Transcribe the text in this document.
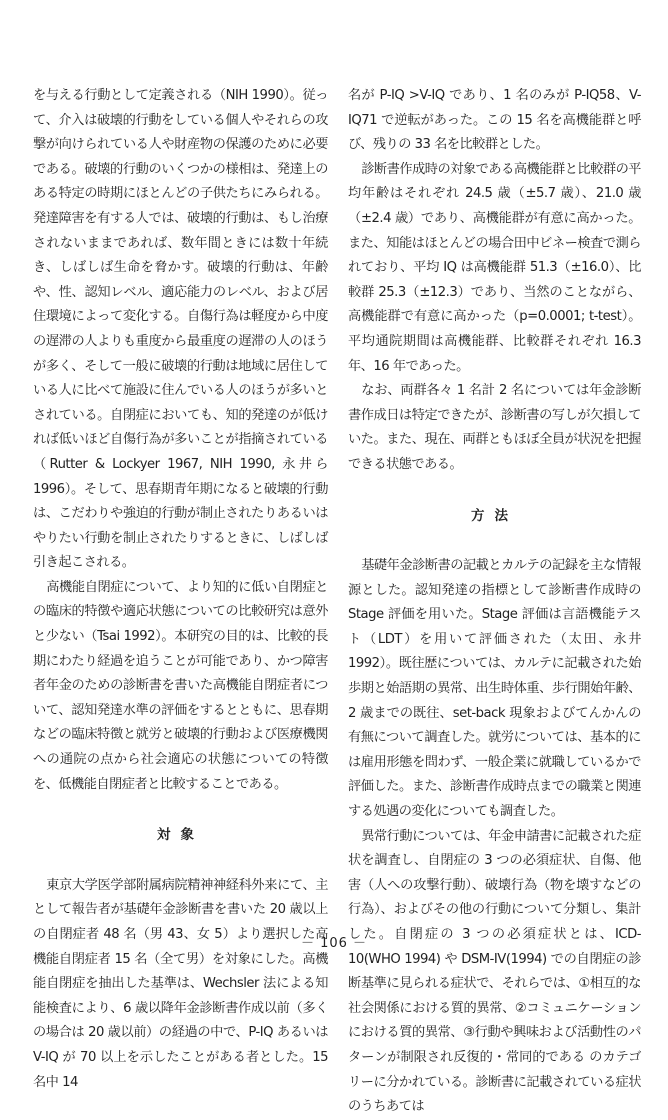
を与える行動として定義される（NIH 1990）。従って、介入は破壊的行動をしている個人やそれらの攻撃が向けられている人や財産物の保護のために必要である。破壊的行動のいくつかの様相は、発達上のある特定の時期にほとんどの子供たちにみられる。発達障害を有する人では、破壊的行動は、もし治療されないままであれば、数年間ときには数十年続き、しばしば生命を脅かす。破壊的行動は、年齢や、性、認知レベル、適応能力のレベル、および居住環境によって変化する。自傷行為は軽度から中度の遅滞の人よりも重度から最重度の遅滞の人のほうが多く、そして一般に破壊的行動は地域に居住している人に比べて施設に住んでいる人のほうが多いとされている。自閉症においても、知的発達のが低ければ低いほど自傷行為が多いことが指摘されている（Rutter & Lockyer 1967, NIH 1990, 永井ら 1996）。そして、思春期青年期になると破壊的行動は、こだわりや強迫的行動が制止されたりあるいはやりたい行動を制止されたりするときに、しばしば引き起こされる。

高機能自閉症について、より知的に低い自閉症との臨床的特徴や適応状態についての比較研究は意外と少ない（Tsai 1992）。本研究の目的は、比較的長期にわたり経過を追うことが可能であり、かつ障害者年金のための診断書を書いた高機能自閉症者について、認知発達水準の評価をするとともに、思春期などの臨床特徴と就労と破壊的行動および医療機関への通院の点から社会適応の状態についての特徴を、低機能自閉症者と比較することである。

対象

東京大学医学部附属病院精神神経科外来にて、主として報告者が基礎年金診断書を書いた 20 歳以上の自閉症者 48 名（男 43、女 5）より選択した高機能自閉症者 15 名（全て男）を対象にした。高機能自閉症を抽出した基準は、Wechsler 法による知能検査により、6 歳以降年金診断書作成以前（多くの場合は 20 歳以前）の経過の中で、P-IQ あるいは V-IQ が 70 以上を示したことがある者とした。15 名中 14

名が P-IQ >V-IQ であり、1 名のみが P-IQ58、V-IQ71 で逆転があった。この 15 名を高機能群と呼び、残りの 33 名を比較群とした。

診断書作成時の対象である高機能群と比較群の平均年齢はそれぞれ 24.5 歳（±5.7 歳）、21.0 歳（±2.4 歳）であり、高機能群が有意に高かった。また、知能はほとんどの場合田中ビネー検査で測られており、平均 IQ は高機能群 51.3（±16.0）、比較群 25.3（±12.3）であり、当然のことながら、高機能群で有意に高かった（p=0.0001; t-test）。平均通院期間は高機能群、比較群それぞれ 16.3 年、16 年であった。

なお、両群各々 1 名計 2 名については年金診断書作成日は特定できたが、診断書の写しが欠損していた。また、現在、両群ともほぼ全員が状況を把握できる状態である。

方法

基礎年金診断書の記載とカルテの記録を主な情報源とした。認知発達の指標として診断書作成時の Stage 評価を用いた。Stage 評価は言語機能テスト（LDT）を用いて評価された（太田、永井 1992）。既往歴については、カルテに記載された始歩期と始語期の異常、出生時体重、歩行開始年齢、2 歳までの既往、set-back 現象およびてんかんの有無について調査した。就労については、基本的には雇用形態を問わず、一般企業に就職しているかで評価した。また、診断書作成時点までの職業と関連する処遇の変化についても調査した。

異常行動については、年金申請書に記載された症状を調査し、自閉症の 3 つの必須症状、自傷、他害（人への攻撃行動）、破壊行為（物を壊すなどの行為）、およびその他の行動について分類し、集計した。自閉症の 3 つの必須症状とは、ICD-10(WHO 1994) や DSM-IV(1994) での自閉症の診断基準に見られる症状で、それらでは、①相互的な社会関係における質的異常、②コミュニケーションにおける質的異常、③行動や興味および活動性のパターンが制限され反復的・常同的である のカテゴリーに分かれている。診断書に記載されている症状のうちあては

－ 106 －
